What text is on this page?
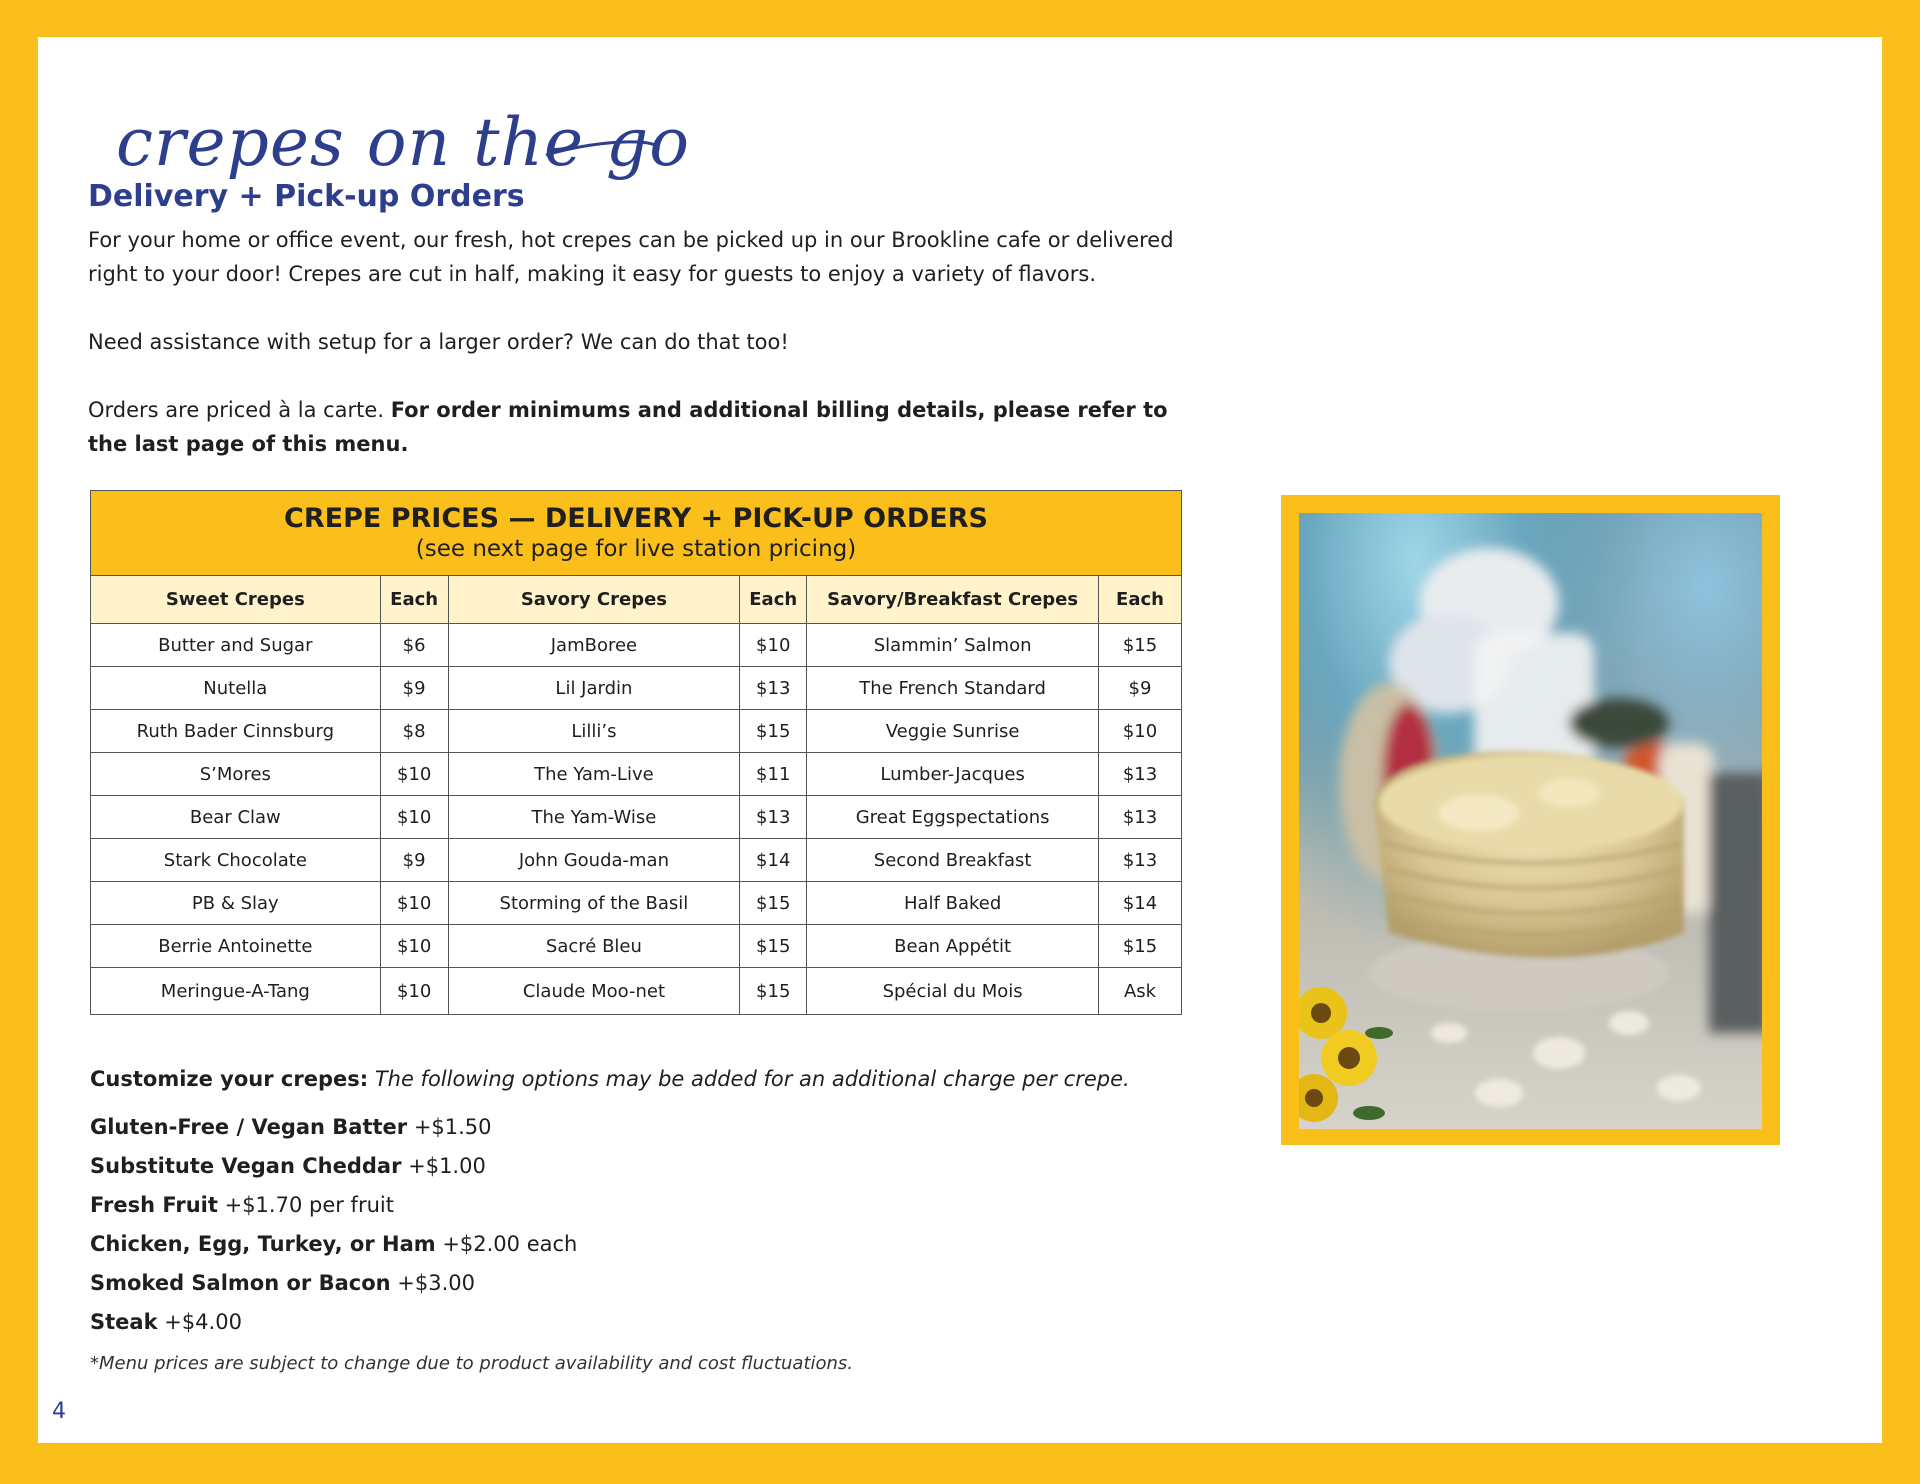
crepes on the go
Delivery + Pick-up Orders

For your home or office event, our fresh, hot crepes can be picked up in our Brookline cafe or delivered right to your door! Crepes are cut in half, making it easy for guests to enjoy a variety of flavors.

Need assistance with setup for a larger order? We can do that too!

Orders are priced à la carte. For order minimums and additional billing details, please refer to the last page of this menu.

CREPE PRICES — DELIVERY + PICK-UP ORDERS
(see next page for live station pricing)					

Sweet Crepes	Each	Savory Crepes	Each	Savory/Breakfast Crepes	Each
Butter and Sugar	$6	JamBoree	$10	Slammin’ Salmon	$15
Nutella	$9	Lil Jardin	$13	The French Standard	$9
Ruth Bader Cinnsburg	$8	Lilli’s	$15	Veggie Sunrise	$10
S’Mores	$10	The Yam-Live	$11	Lumber-Jacques	$13
Bear Claw	$10	The Yam-Wise	$13	Great Eggspectations	$13
Stark Chocolate	$9	John Gouda-man	$14	Second Breakfast	$13
PB & Slay	$10	Storming of the Basil	$15	Half Baked	$14
Berrie Antoinette	$10	Sacré Bleu	$15	Bean Appétit	$15
Meringue-A-Tang	$10	Claude Moo-net	$15	Spécial du Mois	Ask

Customize your crepes: The following options may be added for an additional charge per crepe.

Gluten-Free / Vegan Batter +$1.50

Substitute Vegan Cheddar +$1.00

Fresh Fruit +$1.70 per fruit

Chicken, Egg, Turkey, or Ham +$2.00 each

Smoked Salmon or Bacon +$3.00

Steak +$4.00

*Menu prices are subject to change due to product availability and cost fluctuations.
4
